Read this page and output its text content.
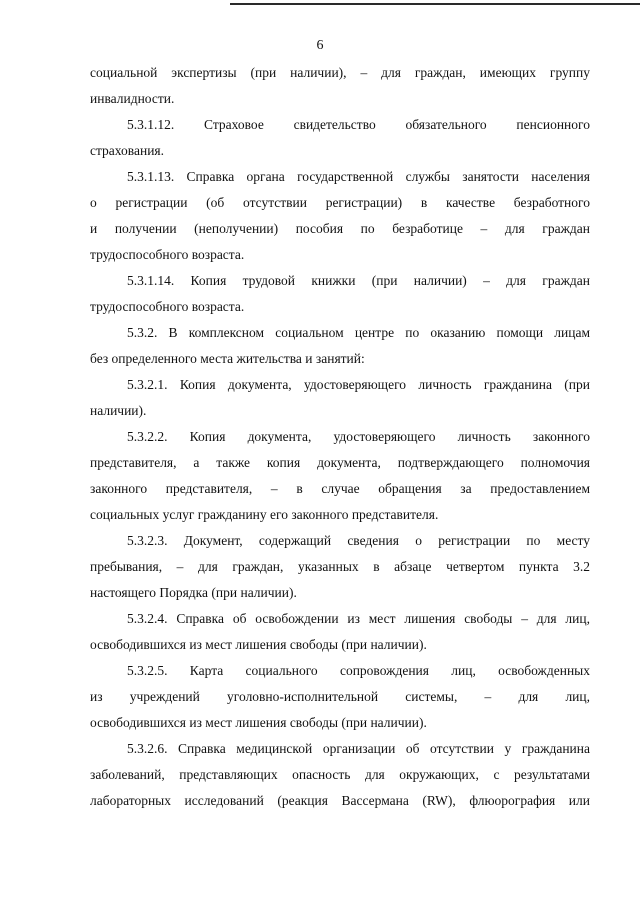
6

социальной экспертизы (при наличии), – для граждан, имеющих группу
инвалидности.

5.3.1.12. Страховое свидетельство обязательного пенсионного
страхования.

5.3.1.13. Справка органа государственной службы занятости населения
о регистрации (об отсутствии регистрации) в качестве безработного
и получении (неполучении) пособия по безработице – для граждан
трудоспособного возраста.

5.3.1.14. Копия трудовой книжки (при наличии) – для граждан
трудоспособного возраста.

5.3.2. В комплексном социальном центре по оказанию помощи лицам
без определенного места жительства и занятий:

5.3.2.1. Копия документа, удостоверяющего личность гражданина (при
наличии).

5.3.2.2. Копия документа, удостоверяющего личность законного
представителя, а также копия документа, подтверждающего полномочия
законного представителя, – в случае обращения за предоставлением
социальных услуг гражданину его законного представителя.

5.3.2.3. Документ, содержащий сведения о регистрации по месту
пребывания, – для граждан, указанных в абзаце четвертом пункта 3.2
настоящего Порядка (при наличии).

5.3.2.4. Справка об освобождении из мест лишения свободы – для лиц,
освободившихся из мест лишения свободы (при наличии).

5.3.2.5. Карта социального сопровождения лиц, освобожденных
из учреждений уголовно-исполнительной системы, – для лиц,
освободившихся из мест лишения свободы (при наличии).

5.3.2.6. Справка медицинской организации об отсутствии у гражданина
заболеваний, представляющих опасность для окружающих, с результатами
лабораторных исследований (реакция Вассермана (RW), флюорография или
